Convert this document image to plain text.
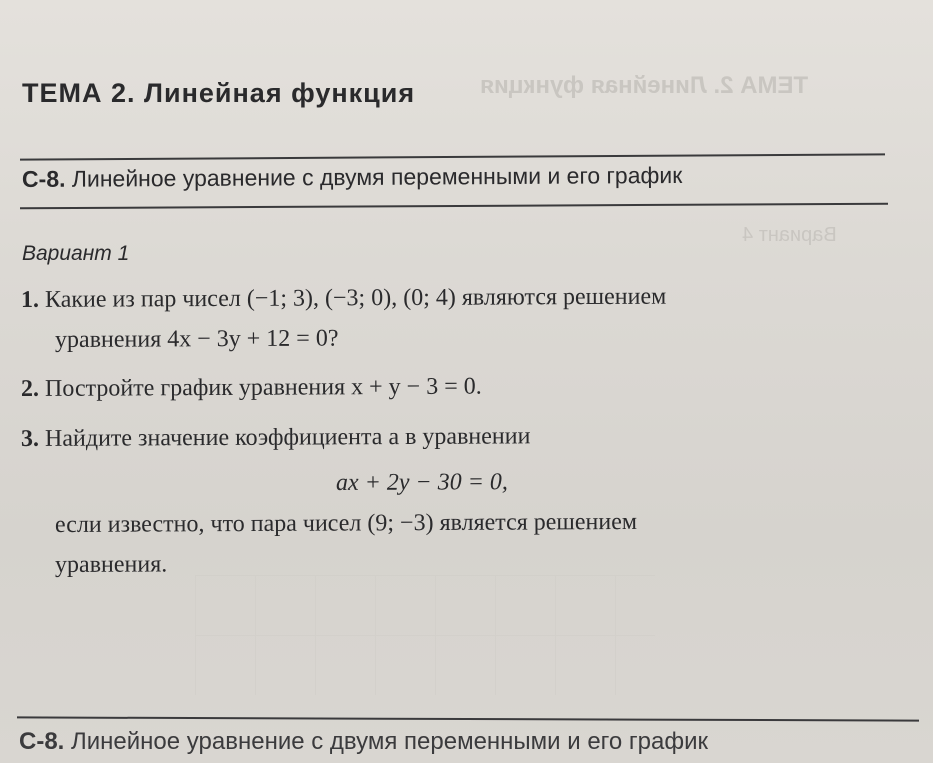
ТЕМА 2. Линейная функция
Вариант 4
ТЕМА 2. Линейная функция
С-8. Линейное уравнение с двумя переменными и его график
Вариант 1
1. Какие из пар чисел (−1; 3), (−3; 0), (0; 4) являются решением
уравнения 4x − 3y + 12 = 0?
2. Постройте график уравнения x + y − 3 = 0.
3. Найдите значение коэффициента a в уравнении
ax + 2y − 30 = 0,
если известно, что пара чисел (9; −3) является решением
уравнения.
С-8. Линейное уравнение с двумя переменными и его график
